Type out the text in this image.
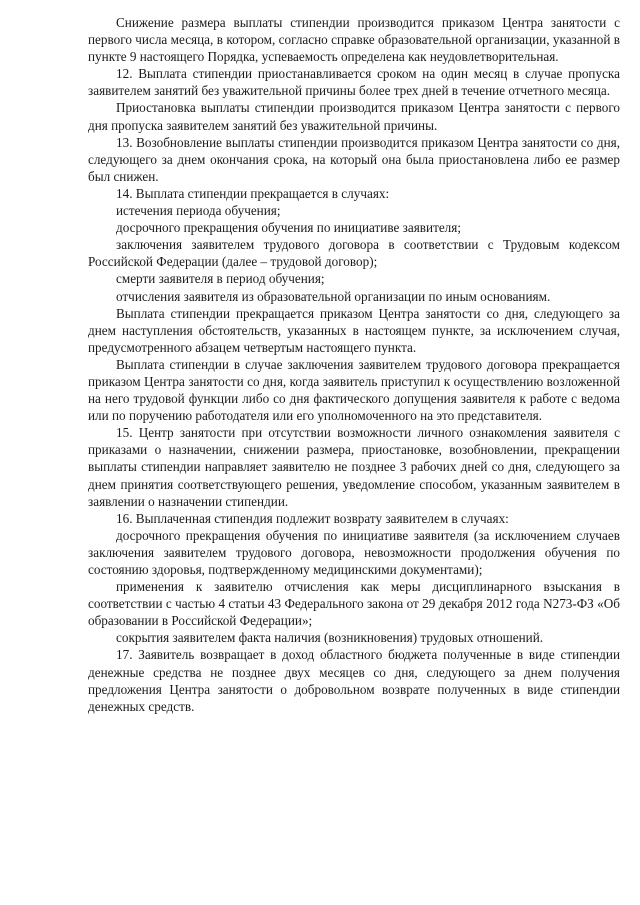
Снижение размера выплаты стипендии производится приказом Центра занятости с первого числа месяца, в котором, согласно справке образовательной организации, указанной в пункте 9 настоящего Порядка, успеваемость определена как неудовлетворительная.

12. Выплата стипендии приостанавливается сроком на один месяц в случае пропуска заявителем занятий без уважительной причины более трех дней в течение отчетного месяца.

Приостановка выплаты стипендии производится приказом Центра занятости с первого дня пропуска заявителем занятий без уважительной причины.

13. Возобновление выплаты стипендии производится приказом Центра занятости со дня, следующего за днем окончания срока, на который она была приостановлена либо ее размер был снижен.

14. Выплата стипендии прекращается в случаях:

истечения периода обучения;

досрочного прекращения обучения по инициативе заявителя;

заключения заявителем трудового договора в соответствии с Трудовым кодексом Российской Федерации (далее – трудовой договор);

смерти заявителя в период обучения;

отчисления заявителя из образовательной организации по иным основаниям.

Выплата стипендии прекращается приказом Центра занятости со дня, следующего за днем наступления обстоятельств, указанных в настоящем пункте, за исключением случая, предусмотренного абзацем четвертым настоящего пункта.

Выплата стипендии в случае заключения заявителем трудового договора прекращается приказом Центра занятости со дня, когда заявитель приступил к осуществлению возложенной на него трудовой функции либо со дня фактического допущения заявителя к работе с ведома или по поручению работодателя или его уполномоченного на это представителя.

15. Центр занятости при отсутствии возможности личного ознакомления заявителя с приказами о назначении, снижении размера, приостановке, возобновлении, прекращении выплаты стипендии направляет заявителю не позднее 3 рабочих дней со дня, следующего за днем принятия соответствующего решения, уведомление способом, указанным заявителем в заявлении о назначении стипендии.

16. Выплаченная стипендия подлежит возврату заявителем в случаях:

досрочного прекращения обучения по инициативе заявителя (за исключением случаев заключения заявителем трудового договора, невозможности продолжения обучения по состоянию здоровья, подтвержденному медицинскими документами);

применения к заявителю отчисления как меры дисциплинарного взыскания в соответствии с частью 4 статьи 43 Федерального закона от 29 декабря 2012 года N273-ФЗ «Об образовании в Российской Федерации»;

сокрытия заявителем факта наличия (возникновения) трудовых отношений.

17. Заявитель возвращает в доход областного бюджета полученные в виде стипендии денежные средства не позднее двух месяцев со дня, следующего за днем получения предложения Центра занятости о добровольном возврате полученных в виде стипендии денежных средств.
